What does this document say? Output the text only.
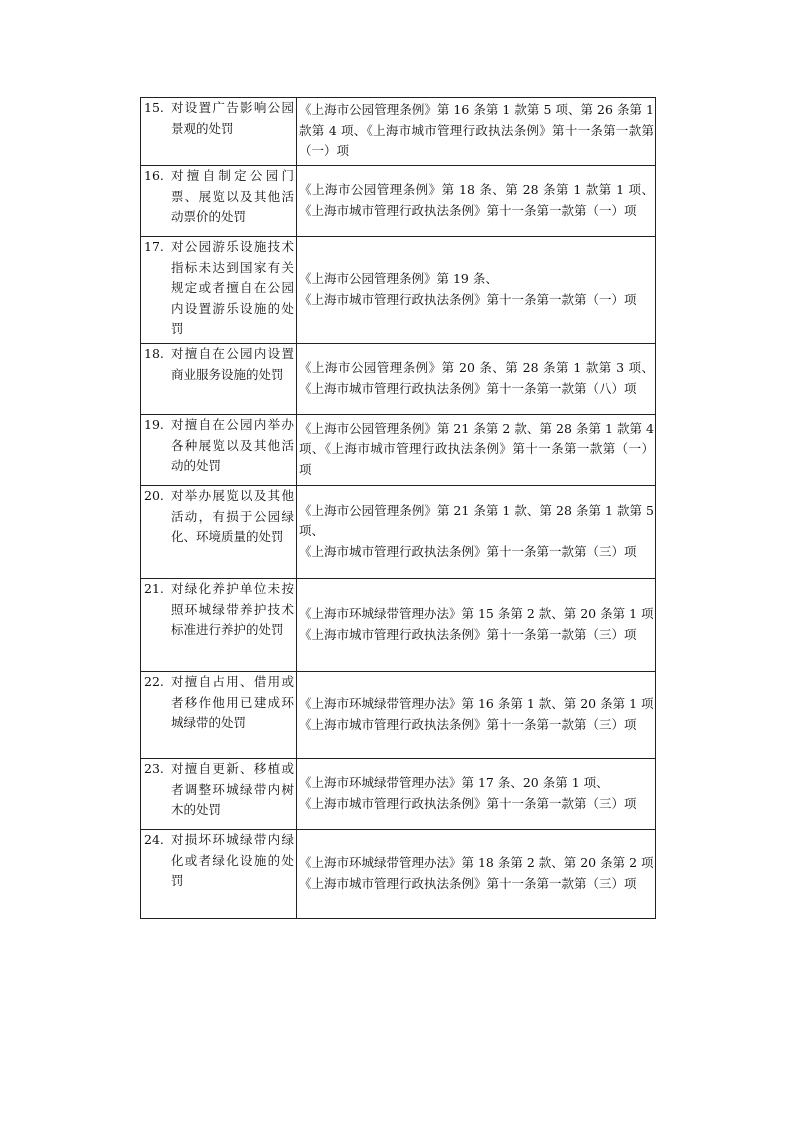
15. 对设置广告影响公园景观的处罚	《上海市公园管理条例》第 16 条第 1 款第 5 项、第 26 条第 1 款第 4 项、《上海市城市管理行政执法条例》第十一条第一款第（一）项

16. 对擅自制定公园门票、展览以及其他活动票价的处罚	《上海市公园管理条例》第 18 条、第 28 条第 1 款第 1 项、《上海市城市管理行政执法条例》第十一条第一款第（一）项

17. 对公园游乐设施技术指标未达到国家有关规定或者擅自在公园内设置游乐设施的处罚	《上海市公园管理条例》第 19 条、
《上海市城市管理行政执法条例》第十一条第一款第（一）项

18. 对擅自在公园内设置商业服务设施的处罚	《上海市公园管理条例》第 20 条、第 28 条第 1 款第 3 项、《上海市城市管理行政执法条例》第十一条第一款第（八）项

19. 对擅自在公园内举办各种展览以及其他活动的处罚	《上海市公园管理条例》第 21 条第 2 款、第 28 条第 1 款第 4 项、《上海市城市管理行政执法条例》第十一条第一款第（一）项

20. 对举办展览以及其他活动，有损于公园绿化、环境质量的处罚	《上海市公园管理条例》第 21 条第 1 款、第 28 条第 1 款第 5 项、
《上海市城市管理行政执法条例》第十一条第一款第（三）项

21. 对绿化养护单位未按照环城绿带养护技术标准进行养护的处罚	《上海市环城绿带管理办法》第 15 条第 2 款、第 20 条第 1 项
《上海市城市管理行政执法条例》第十一条第一款第（三）项

22. 对擅自占用、借用或者移作他用已建成环城绿带的处罚	《上海市环城绿带管理办法》第 16 条第 1 款、第 20 条第 1 项
《上海市城市管理行政执法条例》第十一条第一款第（三）项

23. 对擅自更新、移植或者调整环城绿带内树木的处罚	《上海市环城绿带管理办法》第 17 条、20 条第 1 项、
《上海市城市管理行政执法条例》第十一条第一款第（三）项

24. 对损坏环城绿带内绿化或者绿化设施的处罚	《上海市环城绿带管理办法》第 18 条第 2 款、第 20 条第 2 项
《上海市城市管理行政执法条例》第十一条第一款第（三）项
